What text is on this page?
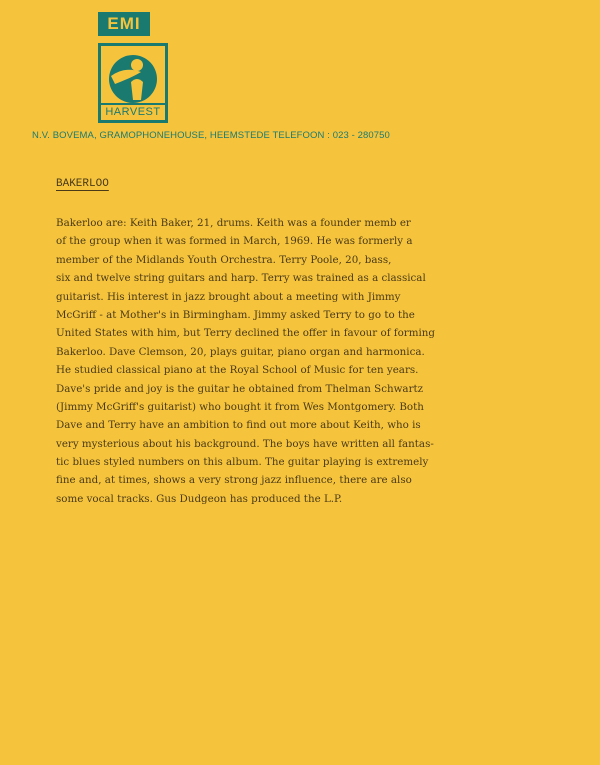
EMI
HARVEST
N.V. BOVEMA, GRAMOPHONEHOUSE, HEEMSTEDE TELEFOON : 023 - 280750
BAKERLOO
Bakerloo are: Keith Baker, 21, drums. Keith was a founder memb er
of the group when it was formed in March, 1969. He was formerly a
member of the Midlands Youth Orchestra. Terry Poole, 20, bass,
six and twelve string guitars and harp. Terry was trained as a classical
guitarist. His interest in jazz brought about a meeting with Jimmy
McGriff - at Mother's in Birmingham. Jimmy asked Terry to go to the
United States with him, but Terry declined the offer in favour of forming
Bakerloo. Dave Clemson, 20, plays guitar, piano organ and harmonica.
He studied classical piano at the Royal School of Music for ten years.
Dave's pride and joy is the guitar he obtained from Thelman Schwartz
(Jimmy McGriff's guitarist) who bought it from Wes Montgomery. Both
Dave and Terry have an ambition to find out more about Keith, who is
very mysterious about his background. The boys have written all fantas-
tic blues styled numbers on this album. The guitar playing is extremely
fine and, at times, shows a very strong jazz influence, there are also
some vocal tracks. Gus Dudgeon has produced the L.P.
